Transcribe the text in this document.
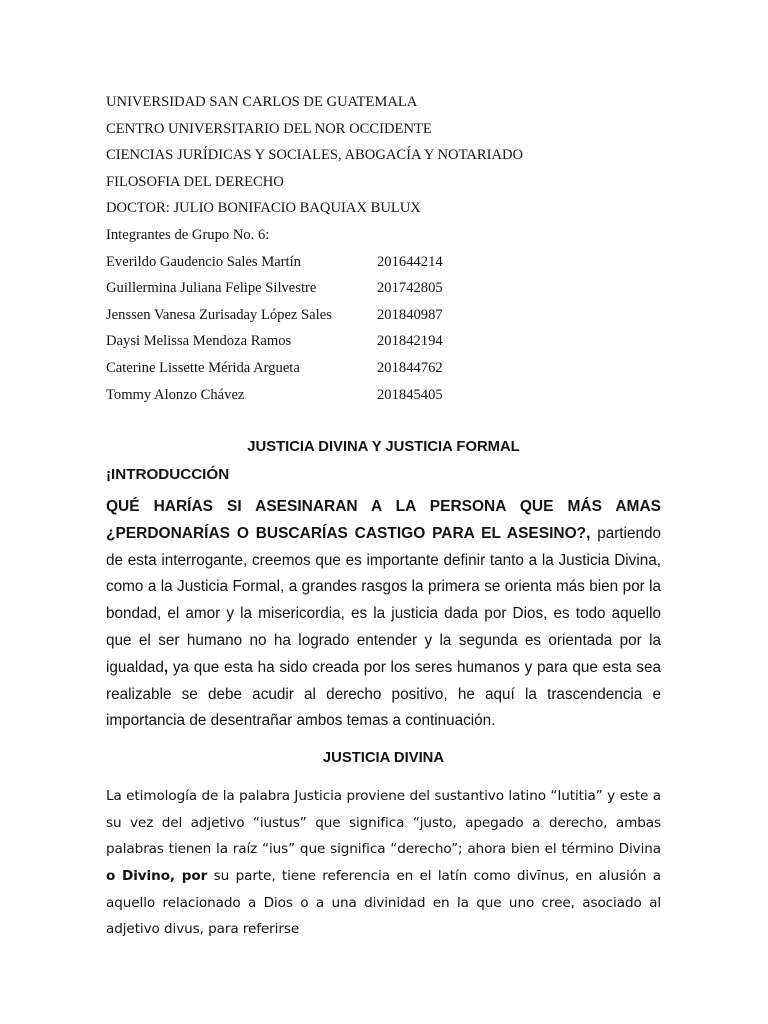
UNIVERSIDAD SAN CARLOS DE GUATEMALA
CENTRO UNIVERSITARIO DEL NOR OCCIDENTE
CIENCIAS JURÍDICAS Y SOCIALES, ABOGACÍA Y NOTARIADO
FILOSOFIA DEL DERECHO
DOCTOR: JULIO BONIFACIO BAQUIAX BULUX
Integrantes de Grupo No. 6:
Everildo Gaudencio Sales Martín	201644214
Guillermina Juliana Felipe Silvestre	201742805
Jenssen Vanesa Zurisaday López Sales	201840987
Daysi Melissa Mendoza Ramos	201842194
Caterine Lissette Mérida Argueta	201844762
Tommy Alonzo Chávez	201845405
JUSTICIA DIVINA Y JUSTICIA FORMAL
¡INTRODUCCIÓN

QUÉ HARÍAS SI ASESINARAN A LA PERSONA QUE MÁS AMAS ¿PERDONARÍAS O BUSCARÍAS CASTIGO PARA EL ASESINO?, partiendo de esta interrogante, creemos que es importante definir tanto a la Justicia Divina, como a la Justicia Formal, a grandes rasgos la primera se orienta más bien por la bondad, el amor y la misericordia, es la justicia dada por Dios, es todo aquello que el ser humano no ha logrado entender y la segunda es orientada por la igualdad, ya que esta ha sido creada por los seres humanos y para que esta sea realizable se debe acudir al derecho positivo, he aquí la trascendencia e importancia de desentrañar ambos temas a continuación.

JUSTICIA DIVINA

La etimología de la palabra Justicia proviene del sustantivo latino “Iutitia” y este a su vez del adjetivo “iustus” que significa “justo, apegado a derecho, ambas palabras tienen la raíz “ius” que significa “derecho”; ahora bien el término Divina o Divino, por su parte, tiene referencia en el latín como divīnus, en alusión a aquello relacionado a Dios o a una divinidad en la que uno cree, asociado al adjetivo divus, para referirse
